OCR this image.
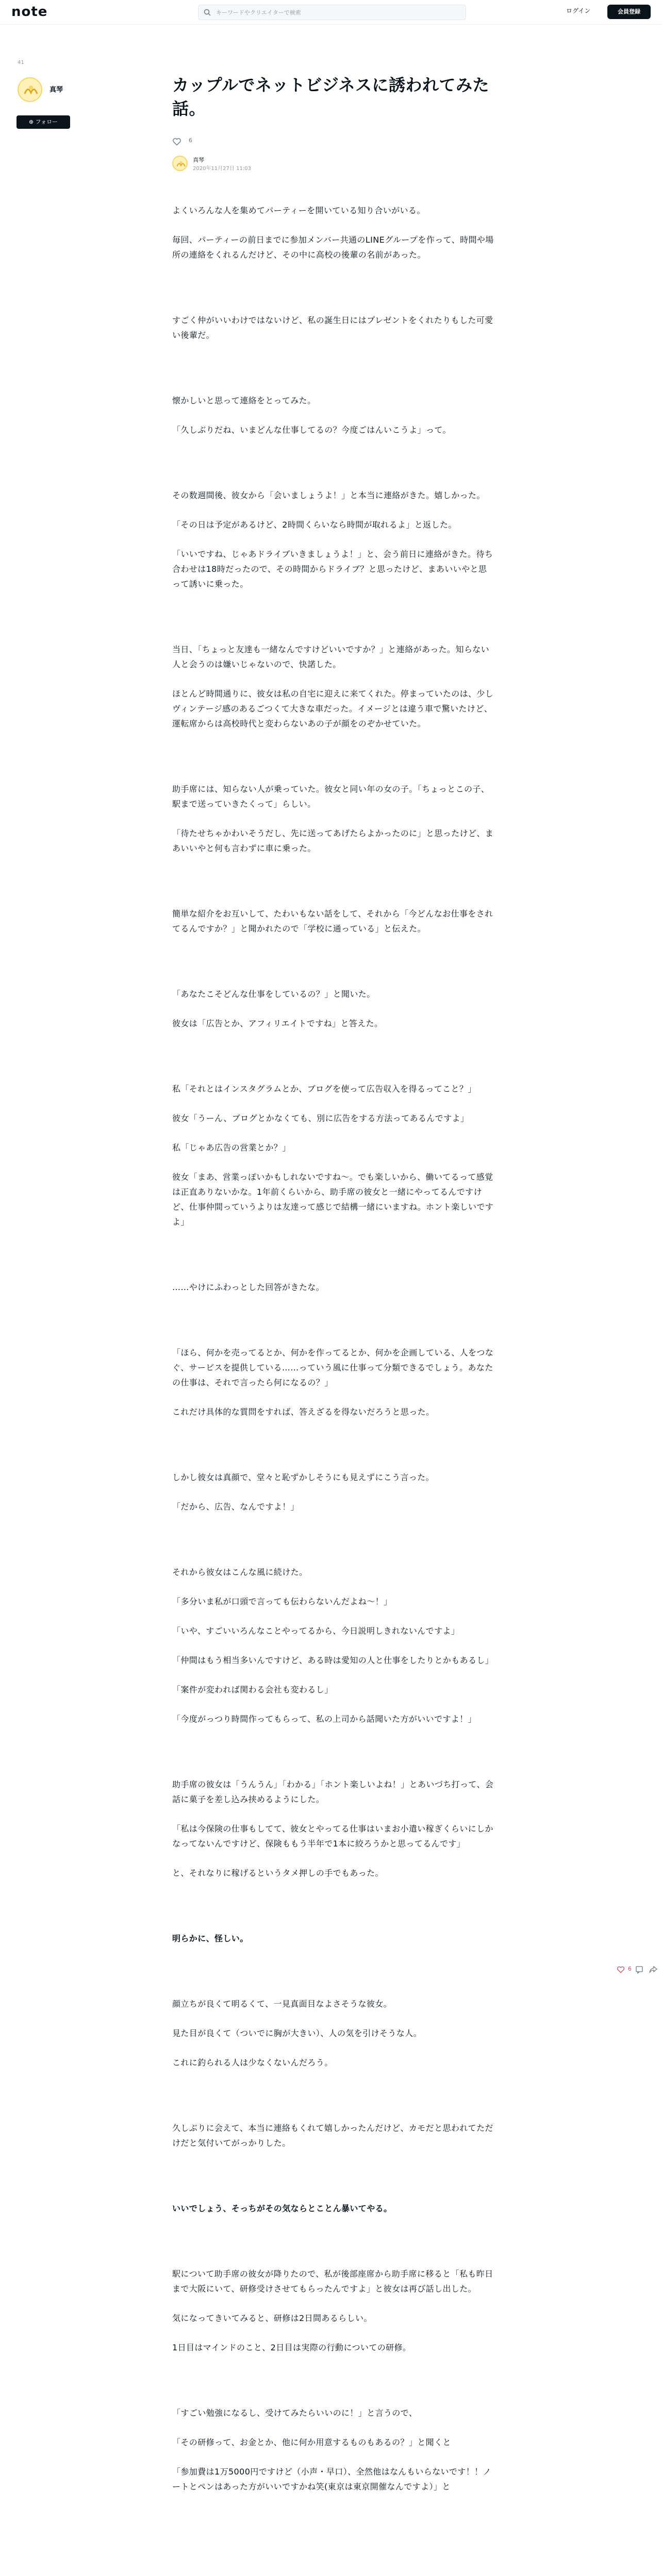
note
キーワードやクリエイターで検索	ログイン	会員登録
41
真琴
⊕ フォロー
カップルでネットビジネスに誘われてみた話。
6
真琴
2020年11月27日 11:03

よくいろんな人を集めてパーティーを開いている知り合いがいる。

毎回、パーティーの前日までに参加メンバー共通のLINEグループを作って、時間や場所の連絡をくれるんだけど、その中に高校の後輩の名前があった。

すごく仲がいいわけではないけど、私の誕生日にはプレゼントをくれたりもした可愛い後輩だ。

懐かしいと思って連絡をとってみた。

「久しぶりだね、いまどんな仕事してるの？今度ごはんいこうよ」って。

その数週間後、彼女から「会いましょうよ！」と本当に連絡がきた。嬉しかった。

「その日は予定があるけど、2時間くらいなら時間が取れるよ」と返した。

「いいですね、じゃあドライブいきましょうよ！」と、会う前日に連絡がきた。待ち合わせは18時だったので、その時間からドライブ？と思ったけど、まあいいやと思って誘いに乗った。

当日、「ちょっと友達も一緒なんですけどいいですか？」と連絡があった。知らない人と会うのは嫌いじゃないので、快諾した。

ほとんど時間通りに、彼女は私の自宅に迎えに来てくれた。停まっていたのは、少しヴィンテージ感のあるごつくて大きな車だった。イメージとは違う車で驚いたけど、運転席からは高校時代と変わらないあの子が顔をのぞかせていた。

助手席には、知らない人が乗っていた。彼女と同い年の女の子。「ちょっとこの子、駅まで送っていきたくって」らしい。

「待たせちゃかわいそうだし、先に送ってあげたらよかったのに」と思ったけど、まあいいやと何も言わずに車に乗った。

簡単な紹介をお互いして、たわいもない話をして、それから「今どんなお仕事をされてるんですか？」と聞かれたので「学校に通っている」と伝えた。

「あなたこそどんな仕事をしているの？」と聞いた。

彼女は「広告とか、アフィリエイトですね」と答えた。

私「それとはインスタグラムとか、ブログを使って広告収入を得るってこと？」

彼女「うーん、ブログとかなくても、別に広告をする方法ってあるんですよ」

私「じゃあ広告の営業とか？」

彼女「まあ、営業っぽいかもしれないですね〜。でも楽しいから、働いてるって感覚は正直ありないかな。1年前くらいから、助手席の彼女と一緒にやってるんですけど、仕事仲間っていうよりは友達って感じで結構一緒にいますね。ホント楽しいですよ」

……やけにふわっとした回答がきたな。

「ほら、何かを売ってるとか、何かを作ってるとか、何かを企画している、人をつなぐ、サービスを提供している……っていう風に仕事って分類できるでしょう。あなたの仕事は、それで言ったら何になるの？」

これだけ具体的な質問をすれば、答えざるを得ないだろうと思った。

しかし彼女は真顔で、堂々と恥ずかしそうにも見えずにこう言った。

「だから、広告、なんですよ！」

それから彼女はこんな風に続けた。

「多分いま私が口頭で言っても伝わらないんだよね〜！」

「いや、すごいいろんなことやってるから、今日説明しきれないんですよ」

「仲間はもう相当多いんですけど、ある時は愛知の人と仕事をしたりとかもあるし」

「案件が変われば関わる会社も変わるし」

「今度がっつり時間作ってもらって、私の上司から話聞いた方がいいですよ！」

助手席の彼女は「うんうん」「わかる」「ホント楽しいよね！」とあいづち打って、会話に菓子を差し込み挟めるようにした。

「私は今保険の仕事もしてて、彼女とやってる仕事はいまお小遣い稼ぎくらいにしかなってないんですけど、保険ももう半年で1本に絞ろうかと思ってるんです」

と、それなりに稼げるというタメ押しの手でもあった。

明らかに、怪しい。

顔立ちが良くて明るくて、一見真面目なよさそうな彼女。

見た目が良くて（ついでに胸が大きい）、人の気を引けそうな人。

これに釣られる人は少なくないんだろう。

久しぶりに会えて、本当に連絡もくれて嬉しかったんだけど、カモだと思われてただけだと気付いてがっかりした。

いいでしょう、そっちがその気ならとことん暴いてやる。

駅について助手席の彼女が降りたので、私が後部座席から助手席に移ると「私も昨日まで大阪にいて、研修受けさせてもらったんですよ」と彼女は再び話し出した。

気になってきいてみると、研修は2日間あるらしい。

1日目はマインドのこと、2日目は実際の行動についての研修。

「すごい勉強になるし、受けてみたらいいのに！」と言うので、

「その研修って、お金とか、他に何か用意するものもあるの？」と聞くと

「参加費は1万5000円ですけど（小声・早口）、全然他はなんもいらないです！！ノートとペンはあった方がいいですかね笑(東京は東京開催なんですよ）」と

6
